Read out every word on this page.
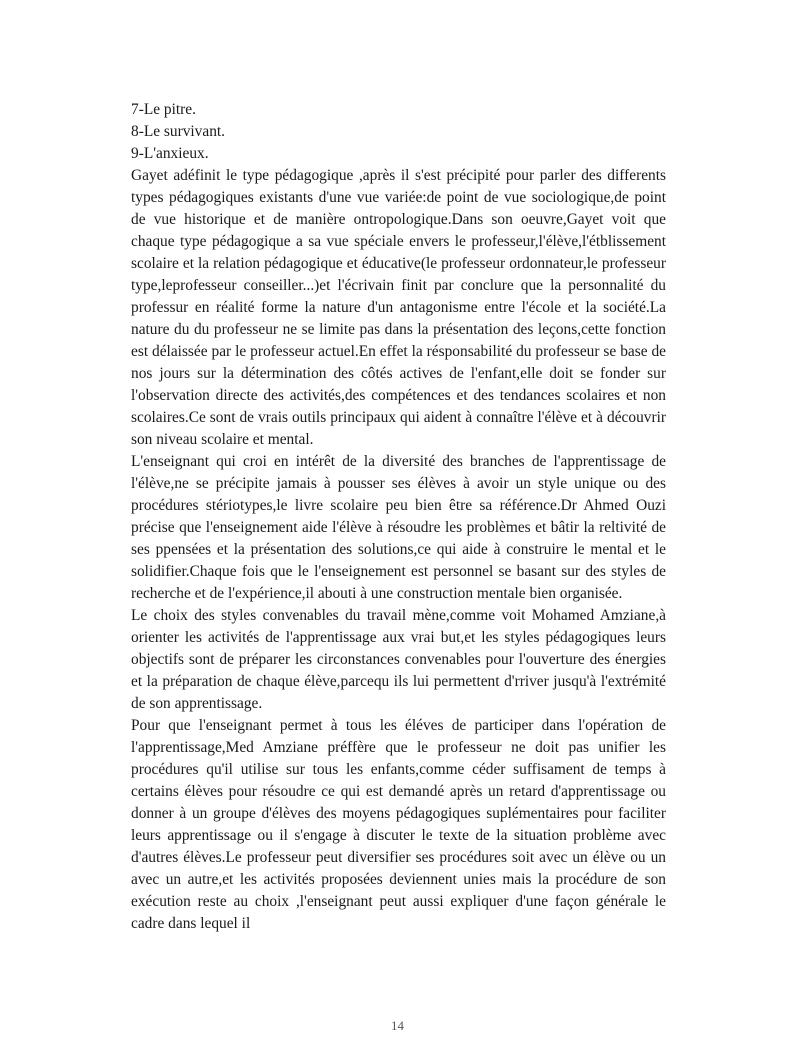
7-Le pitre.
8-Le survivant.
9-L'anxieux.

Gayet adéfinit le type pédagogique ,après il s'est précipité pour parler des differents types pédagogiques existants d'une vue variée:de point de vue sociologique,de point de vue historique et de manière ontropologique.Dans son oeuvre,Gayet voit que chaque type pédagogique a sa vue spéciale envers le professeur,l'élève,l'étblissement scolaire et la relation pédagogique et éducative(le professeur ordonnateur,le professeur type,leprofesseur conseiller...)et l'écrivain finit par conclure que la personnalité du professur en réalité forme la nature d'un antagonisme entre l'école et la société.La nature du du professeur ne se limite pas dans la présentation des leçons,cette fonction est délaissée par le professeur actuel.En effet la résponsabilité du professeur se base de nos jours sur la détermination des côtés actives de l'enfant,elle doit se fonder sur l'observation directe des activités,des compétences et des tendances scolaires et non scolaires.Ce sont de vrais outils principaux qui aident à connaître l'élève et à découvrir son niveau scolaire et mental.

L'enseignant qui croi en intérêt de la diversité des branches de l'apprentissage de l'élève,ne se précipite jamais à pousser ses élèves à avoir un style unique ou des procédures stériotypes,le livre scolaire peu bien être sa référence.Dr Ahmed Ouzi précise que l'enseignement aide l'élève à résoudre les problèmes et bâtir la reltivité de ses ppensées et la présentation des solutions,ce qui aide à construire le mental et le solidifier.Chaque fois que le l'enseignement est personnel se basant sur des styles de recherche et de l'expérience,il abouti à une construction mentale bien organisée.

Le choix des styles convenables du travail mène,comme voit Mohamed Amziane,à orienter les activités de l'apprentissage aux vrai but,et les styles pédagogiques leurs objectifs sont de préparer les circonstances convenables pour l'ouverture des énergies et la préparation de chaque élève,parcequ ils lui permettent d'rriver jusqu'à l'extrémité de son apprentissage.

Pour que l'enseignant permet à tous les éléves de participer dans l'opération de l'apprentissage,Med Amziane préffère que le professeur ne doit pas unifier les procédures qu'il utilise sur tous les enfants,comme céder suffisament de temps à certains élèves pour résoudre ce qui est demandé après un retard d'apprentissage ou donner à un groupe d'élèves des moyens pédagogiques suplémentaires pour faciliter leurs apprentissage ou il s'engage à discuter le texte de la situation problème avec d'autres élèves.Le professeur peut diversifier ses procédures soit avec un élève ou un avec un autre,et les activités proposées deviennent unies mais la procédure de son exécution reste au choix ,l'enseignant peut aussi expliquer d'une façon générale le cadre dans lequel il

14
